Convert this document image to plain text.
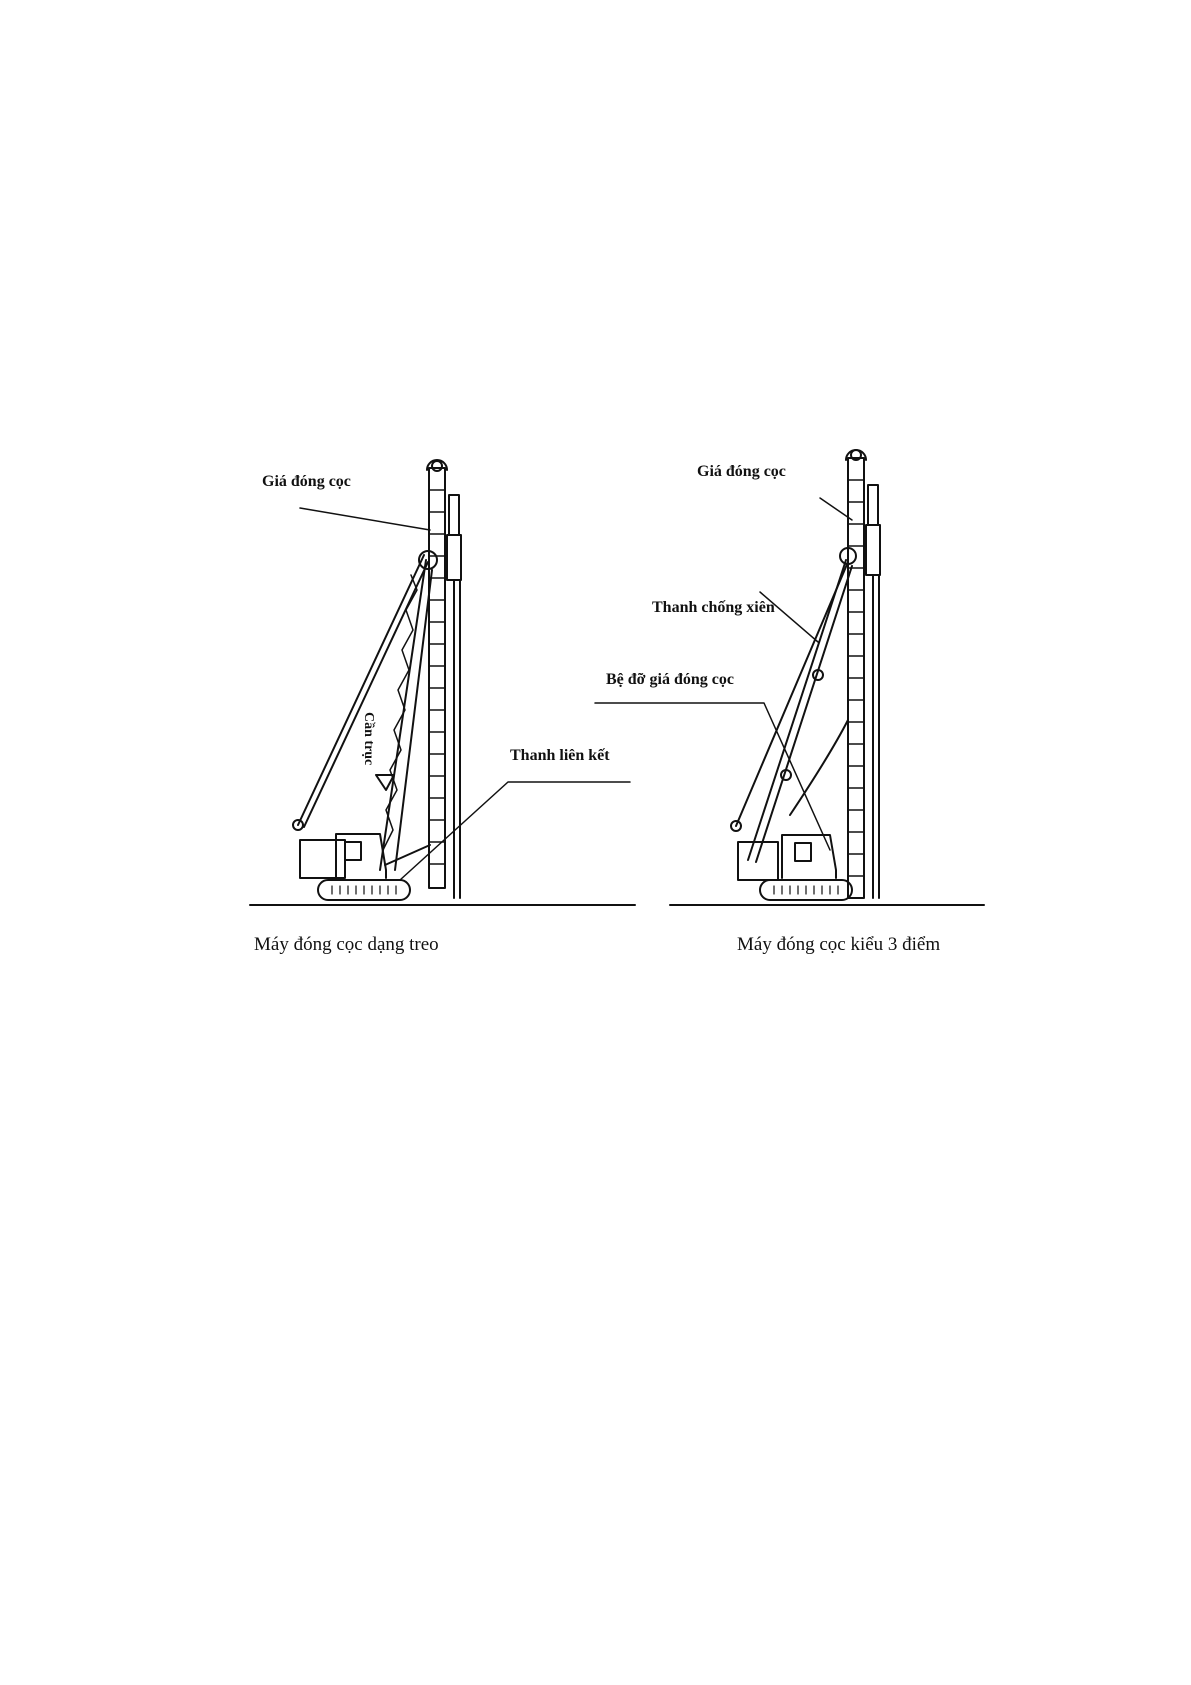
Giá đóng cọc
Cần trục	Thanh liên kết
Máy đóng cọc dạng treo
Giá đóng cọc
Thanh chống xiên
Bệ đỡ giá đóng cọc
Máy đóng cọc kiểu 3 điểm
